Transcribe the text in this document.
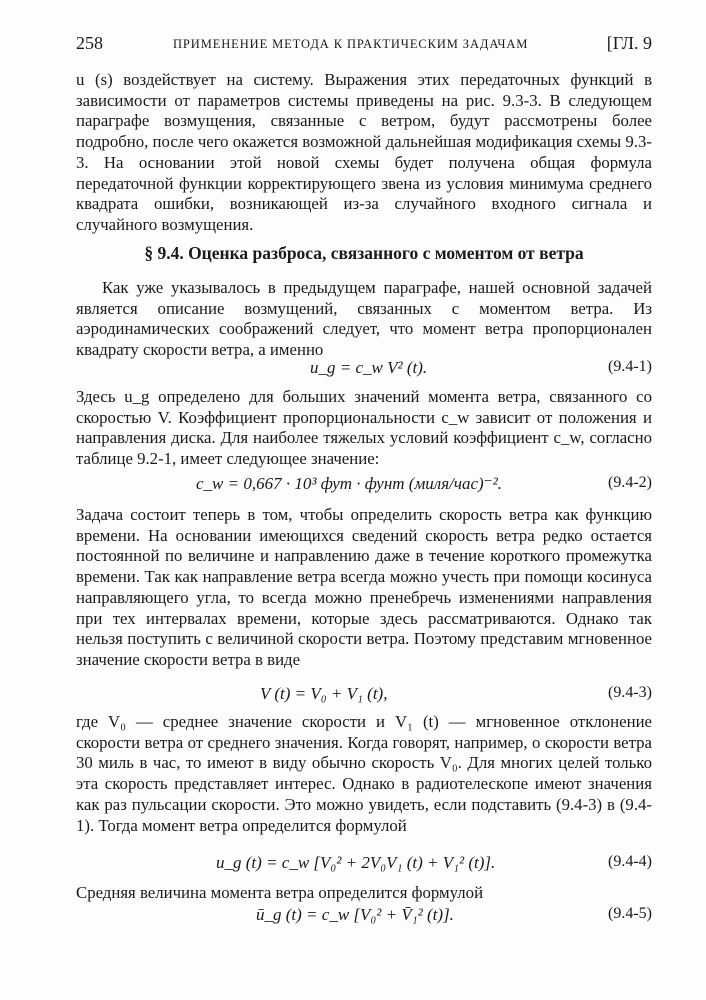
258	ПРИМЕНЕНИЕ МЕТОДА К ПРАКТИЧЕСКИМ ЗАДАЧАМ	[ГЛ. 9

u (s) воздействует на систему. Выражения этих передаточных функций в зависимости от параметров системы приведены на рис. 9.3-3. В следующем параграфе возмущения, связанные с ветром, будут рассмотрены более подробно, после чего окажется возможной дальнейшая модификация схемы 9.3-3. На основании этой новой схемы будет получена общая формула передаточной функции корректирующего звена из условия минимума среднего квадрата ошибки, возникающей из-за случайного входного сигнала и случайного возмущения.

§ 9.4. Оценка разброса, связанного с моментом от ветра

Как уже указывалось в предыдущем параграфе, нашей основной задачей является описание возмущений, связанных с моментом ветра. Из аэродинамических соображений следует, что момент ветра пропорционален квадрату скорости ветра, а именно

u_g = c_w V² (t).	(9.4-1)

Здесь u_g определено для больших значений момента ветра, связанного со скоростью V. Коэффициент пропорциональности c_w зависит от положения и направления диска. Для наиболее тяжелых условий коэффициент c_w, согласно таблице 9.2-1, имеет следующее значение:

c_w = 0,667 · 10³ фут · фунт (миля/час)⁻².	(9.4-2)

Задача состоит теперь в том, чтобы определить скорость ветра как функцию времени. На основании имеющихся сведений скорость ветра редко остается постоянной по величине и направлению даже в течение короткого промежутка времени. Так как направление ветра всегда можно учесть при помощи косинуса направляющего угла, то всегда можно пренебречь изменениями направления при тех интервалах времени, которые здесь рассматриваются. Однако так нельзя поступить с величиной скорости ветра. Поэтому представим мгновенное значение скорости ветра в виде

V (t) = V₀ + V₁ (t),	(9.4-3)

где V₀ — среднее значение скорости и V₁ (t) — мгновенное отклонение скорости ветра от среднего значения. Когда говорят, например, о скорости ветра 30 миль в час, то имеют в виду обычно скорость V₀. Для многих целей только эта скорость представляет интерес. Однако в радиотелескопе имеют значения как раз пульсации скорости. Это можно увидеть, если подставить (9.4-3) в (9.4-1). Тогда момент ветра определится формулой

u_g (t) = c_w [V₀² + 2V₀V₁ (t) + V₁² (t)].	(9.4-4)

Средняя величина момента ветра определится формулой

ū_g (t) = c_w [V₀² + V̄₁² (t)].	(9.4-5)
